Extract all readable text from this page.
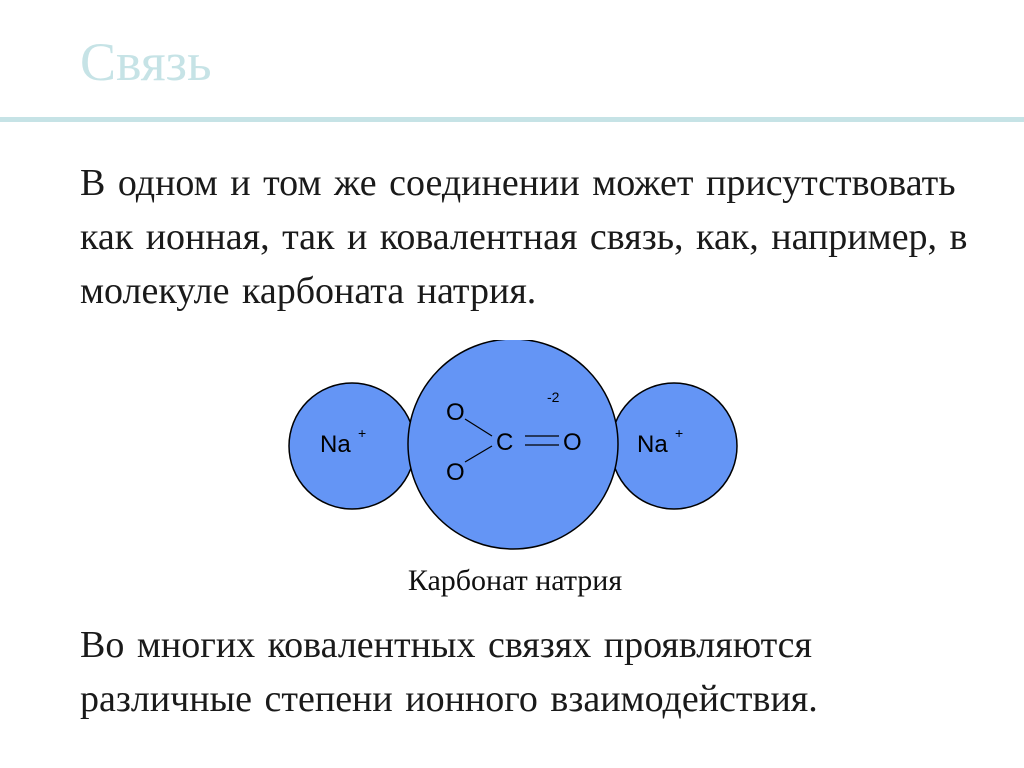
Связь

В одном и том же соединении может присутствовать как ионная, так и ковалентная связь, как, например, в молекуле карбоната натрия.

Na +	Na +
-2
O
O
C O
Карбонат натрия

Во многих ковалентных связях проявляются различные степени ионного взаимодействия.
